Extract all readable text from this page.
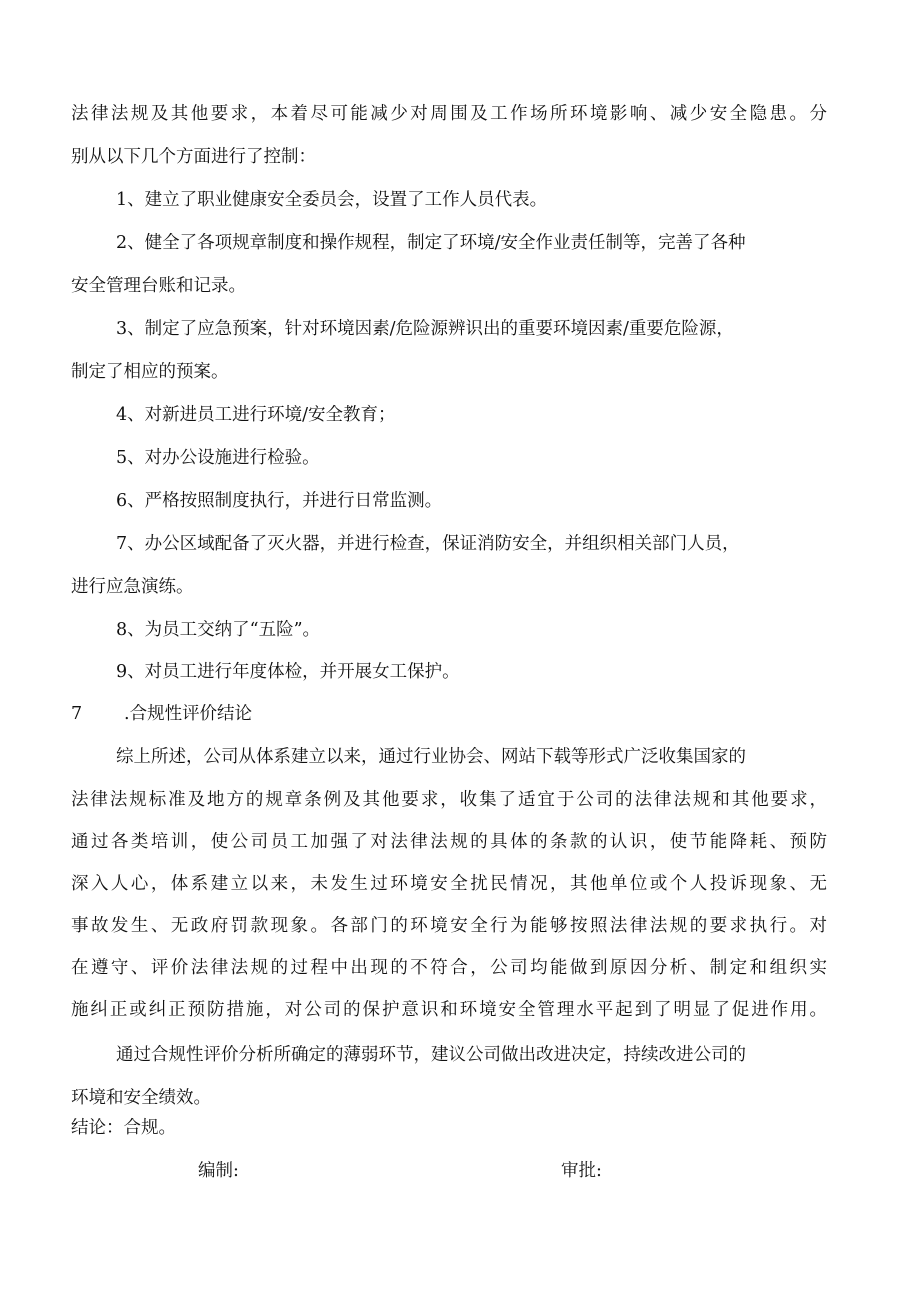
法律法规及其他要求，本着尽可能减少对周围及工作场所环境影响、减少安全隐患。分
别从以下几个方面进行了控制：
1、建立了职业健康安全委员会，设置了工作人员代表。
2、健全了各项规章制度和操作规程，制定了环境/安全作业责任制等，完善了各种
安全管理台账和记录。
3、制定了应急预案，针对环境因素/危险源辨识出的重要环境因素/重要危险源，
制定了相应的预案。
4、对新进员工进行环境/安全教育；
5、对办公设施进行检验。
6、严格按照制度执行，并进行日常监测。
7、办公区域配备了灭火器，并进行检查，保证消防安全，并组织相关部门人员，
进行应急演练。
8、为员工交纳了“五险”。
9、对员工进行年度体检，并开展女工保护。
7 .合规性评价结论
综上所述，公司从体系建立以来，通过行业协会、网站下载等形式广泛收集国家的
法律法规标准及地方的规章条例及其他要求，收集了适宜于公司的法律法规和其他要求，
通过各类培训，使公司员工加强了对法律法规的具体的条款的认识，使节能降耗、预防
深入人心，体系建立以来，未发生过环境安全扰民情况，其他单位或个人投诉现象、无
事故发生、无政府罚款现象。各部门的环境安全行为能够按照法律法规的要求执行。对
在遵守、评价法律法规的过程中出现的不符合，公司均能做到原因分析、制定和组织实
施纠正或纠正预防措施，对公司的保护意识和环境安全管理水平起到了明显了促进作用。
通过合规性评价分析所确定的薄弱环节，建议公司做出改进决定，持续改进公司的
环境和安全绩效。
结论：合规。
编制:	审批:
